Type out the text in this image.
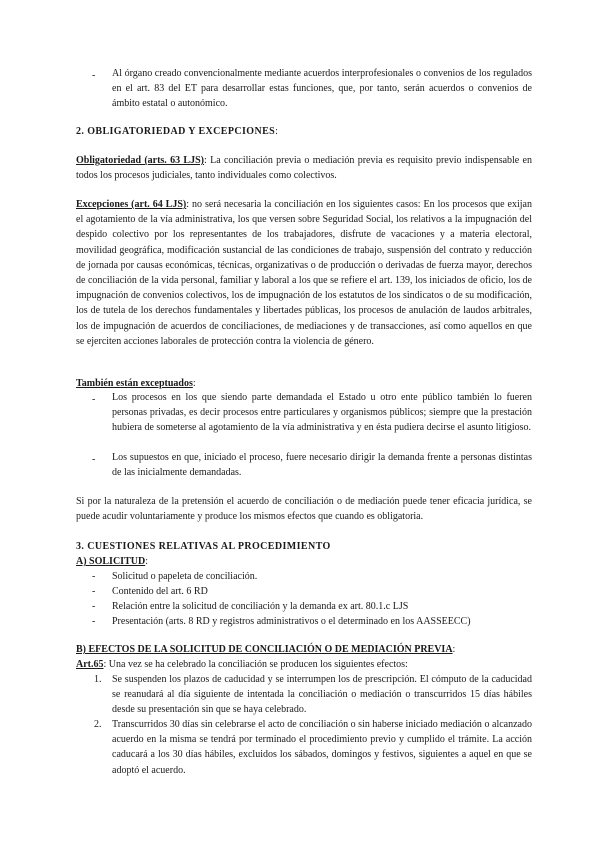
- Al órgano creado convencionalmente mediante acuerdos interprofesionales o convenios de los regulados en el art. 83 del ET para desarrollar estas funciones, que, por tanto, serán acuerdos o convenios de ámbito estatal o autonómico.
2. OBLIGATORIEDAD Y EXCEPCIONES:
Obligatoriedad (arts. 63 LJS): La conciliación previa o mediación previa es requisito previo indispensable en todos los procesos judiciales, tanto individuales como colectivos.
Excepciones (art. 64 LJS): no será necesaria la conciliación en los siguientes casos: En los procesos que exijan el agotamiento de la vía administrativa, los que versen sobre Seguridad Social, los relativos a la impugnación del despido colectivo por los representantes de los trabajadores, disfrute de vacaciones y a materia electoral, movilidad geográfica, modificación sustancial de las condiciones de trabajo, suspensión del contrato y reducción de jornada por causas económicas, técnicas, organizativas o de producción o derivadas de fuerza mayor, derechos de conciliación de la vida personal, familiar y laboral a los que se refiere el art. 139, los iniciados de oficio, los de impugnación de convenios colectivos, los de impugnación de los estatutos de los sindicatos o de su modificación, los de tutela de los derechos fundamentales y libertades públicas, los procesos de anulación de laudos arbitrales, los de impugnación de acuerdos de conciliaciones, de mediaciones y de transacciones, así como aquellos en que se ejerciten acciones laborales de protección contra la violencia de género.
También están exceptuados:
- Los procesos en los que siendo parte demandada el Estado u otro ente público también lo fueren personas privadas, es decir procesos entre particulares y organismos públicos; siempre que la prestación hubiera de someterse al agotamiento de la vía administrativa y en ésta pudiera decirse el asunto litigioso.
- Los supuestos en que, iniciado el proceso, fuere necesario dirigir la demanda frente a personas distintas de las inicialmente demandadas.
Si por la naturaleza de la pretensión el acuerdo de conciliación o de mediación puede tener eficacia jurídica, se puede acudir voluntariamente y produce los mismos efectos que cuando es obligatoria.
3. CUESTIONES RELATIVAS AL PROCEDIMIENTO
A) SOLICITUD:
- Solicitud o papeleta de conciliación.
- Contenido del art. 6 RD
- Relación entre la solicitud de conciliación y la demanda ex art. 80.1.c LJS
- Presentación (arts. 8 RD y registros administrativos o el determinado en los AASSEECC)
B) EFECTOS DE LA SOLICITUD DE CONCILIACIÓN O DE MEDIACIÓN PREVIA:
Art.65: Una vez se ha celebrado la conciliación se producen los siguientes efectos:
1. Se suspenden los plazos de caducidad y se interrumpen los de prescripción. El cómputo de la caducidad se reanudará al día siguiente de intentada la conciliación o mediación o transcurridos 15 días hábiles desde su presentación sin que se haya celebrado.
2. Transcurridos 30 días sin celebrarse el acto de conciliación o sin haberse iniciado mediación o alcanzado acuerdo en la misma se tendrá por terminado el procedimiento previo y cumplido el trámite. La acción caducará a los 30 días hábiles, excluidos los sábados, domingos y festivos, siguientes a aquel en que se adoptó el acuerdo.
